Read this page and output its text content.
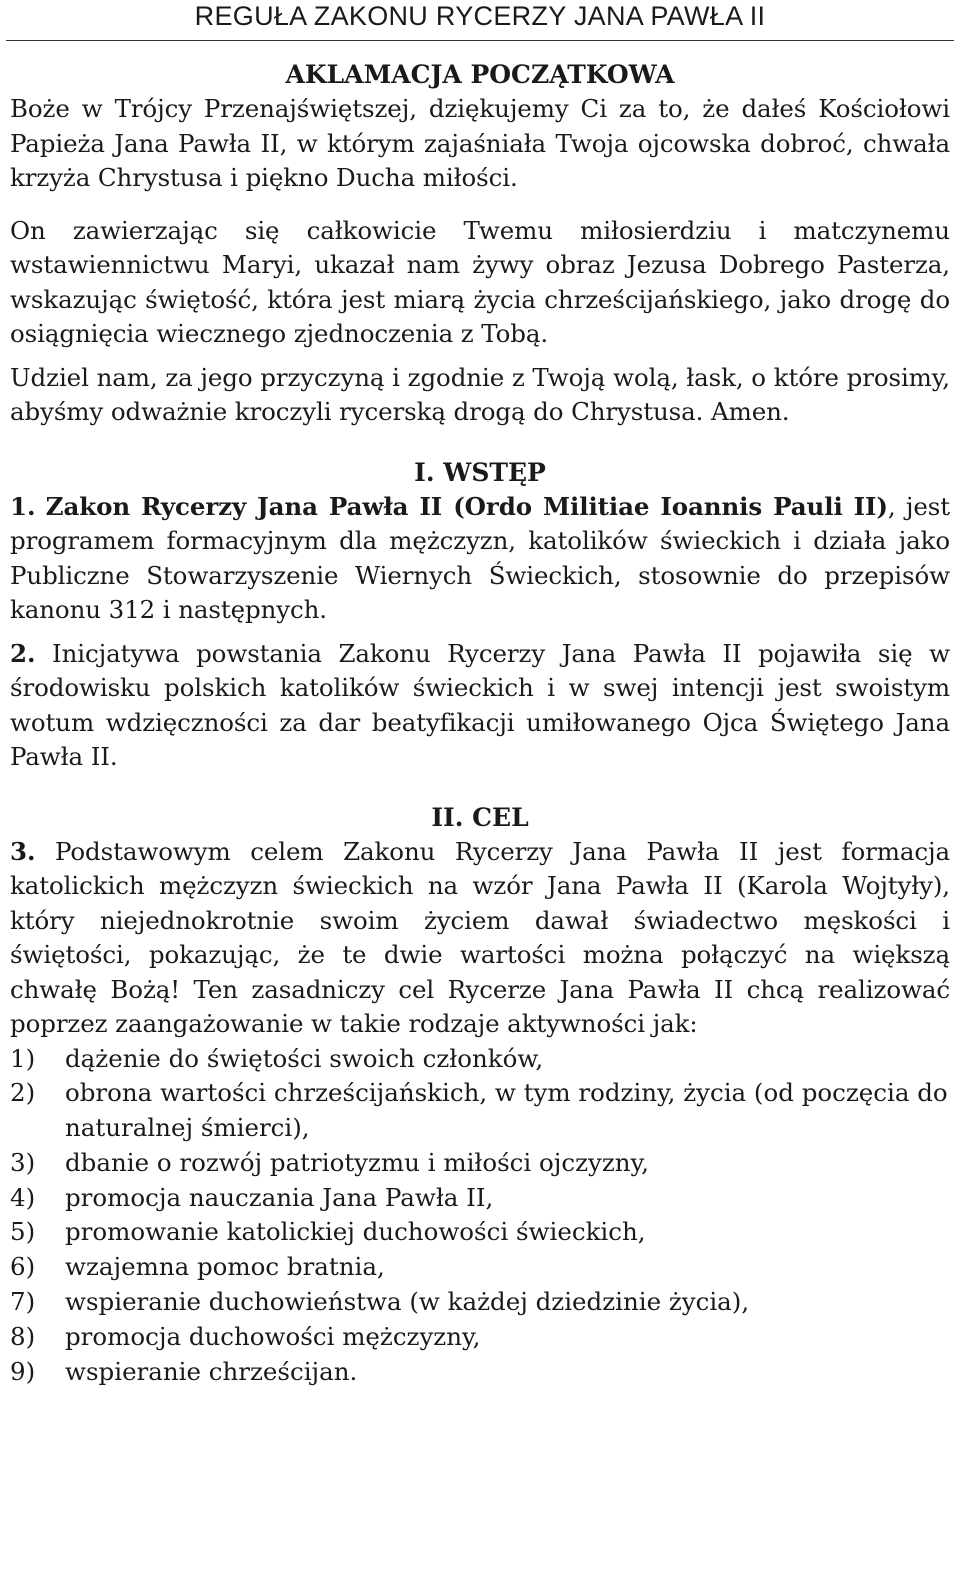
REGUŁA ZAKONU RYCERZY JANA PAWŁA II
AKLAMACJA POCZĄTKOWA

Boże w Trójcy Przenajświętszej, dziękujemy Ci za to, że dałeś Kościołowi Papieża Jana Pawła II, w którym zajaśniała Twoja ojcowska dobroć, chwała krzyża Chrystusa i piękno Ducha miłości.

On zawierzając się całkowicie Twemu miłosierdziu i matczynemu wstawiennictwu Maryi, ukazał nam żywy obraz Jezusa Dobrego Pasterza, wskazując świętość, która jest miarą życia chrześcijańskiego, jako drogę do osiągnięcia wiecznego zjednoczenia z Tobą.

Udziel nam, za jego przyczyną i zgodnie z Twoją wolą, łask, o które prosimy, abyśmy odważnie kroczyli rycerską drogą do Chrystusa. Amen.

I. WSTĘP

1. Zakon Rycerzy Jana Pawła II (Ordo Militiae Ioannis Pauli II), jest programem formacyjnym dla mężczyzn, katolików świeckich i działa jako Publiczne Stowarzyszenie Wiernych Świeckich, stosownie do przepisów kanonu 312 i następnych.

2. Inicjatywa powstania Zakonu Rycerzy Jana Pawła II pojawiła się w środowisku polskich katolików świeckich i w swej intencji jest swoistym wotum wdzięczności za dar beatyfikacji umiłowanego Ojca Świętego Jana Pawła II.

II. CEL

3. Podstawowym celem Zakonu Rycerzy Jana Pawła II jest formacja katolickich mężczyzn świeckich na wzór Jana Pawła II (Karola Wojtyły), który niejednokrotnie swoim życiem dawał świadectwo męskości i świętości, pokazując, że te dwie wartości można połączyć na większą chwałę Bożą! Ten zasadniczy cel Rycerze Jana Pawła II chcą realizować poprzez zaangażowanie w takie rodzaje aktywności jak:

1)	dążenie do świętości swoich członków,
2)	obrona wartości chrześcijańskich, w tym rodziny, życia (od poczęcia do naturalnej śmierci),
3)	dbanie o rozwój patriotyzmu i miłości ojczyzny,
4)	promocja nauczania Jana Pawła II,
5)	promowanie katolickiej duchowości świeckich,
6)	wzajemna pomoc bratnia,
7)	wspieranie duchowieństwa (w każdej dziedzinie życia),
8)	promocja duchowości mężczyzny,
9)	wspieranie chrześcijan.
